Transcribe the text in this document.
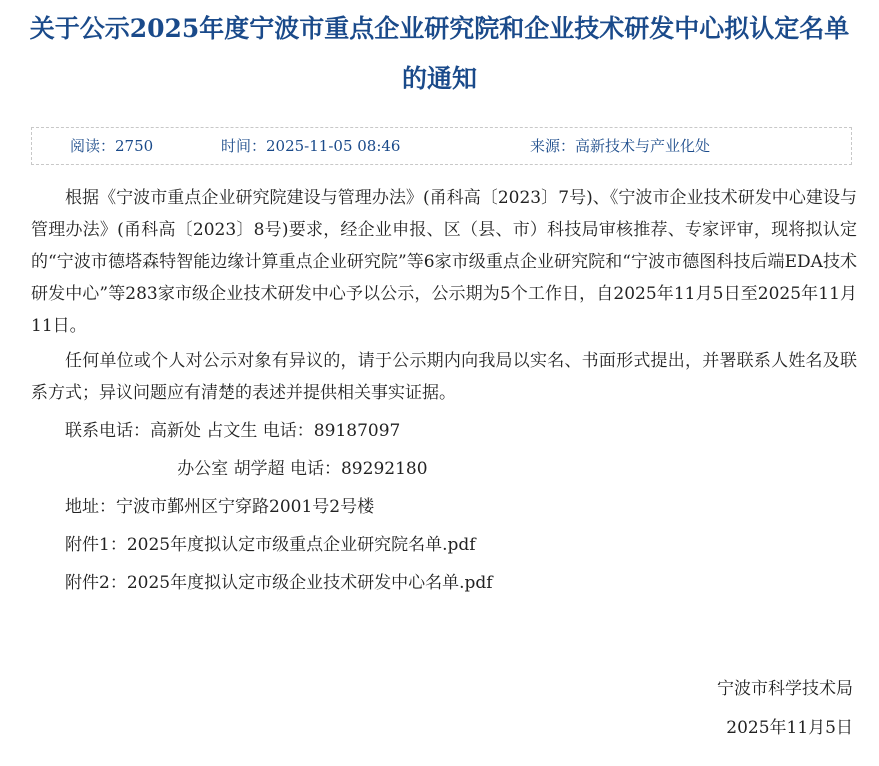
关于公示2025年度宁波市重点企业研究院和企业技术研发中心拟认定名单的通知
阅读：2750	时间：2025-11-05 08:46	来源：高新技术与产业化处

根据《宁波市重点企业研究院建设与管理办法》(甬科高〔2023〕7号)、《宁波市企业技术研发中心建设与管理办法》(甬科高〔2023〕8号)要求，经企业申报、区（县、市）科技局审核推荐、专家评审，现将拟认定的“宁波市德塔森特智能边缘计算重点企业研究院”等6家市级重点企业研究院和“宁波市德图科技后端EDA技术研发中心”等283家市级企业技术研发中心予以公示，公示期为5个工作日，自2025年11月5日至2025年11月11日。

任何单位或个人对公示对象有异议的，请于公示期内向我局以实名、书面形式提出，并署联系人姓名及联系方式；异议问题应有清楚的表述并提供相关事实证据。

联系电话：高新处 占文生 电话：89187097

办公室 胡学超 电话：89292180

地址：宁波市鄞州区宁穿路2001号2号楼

附件1：2025年度拟认定市级重点企业研究院名单.pdf

附件2：2025年度拟认定市级企业技术研发中心名单.pdf

宁波市科学技术局
2025年11月5日
